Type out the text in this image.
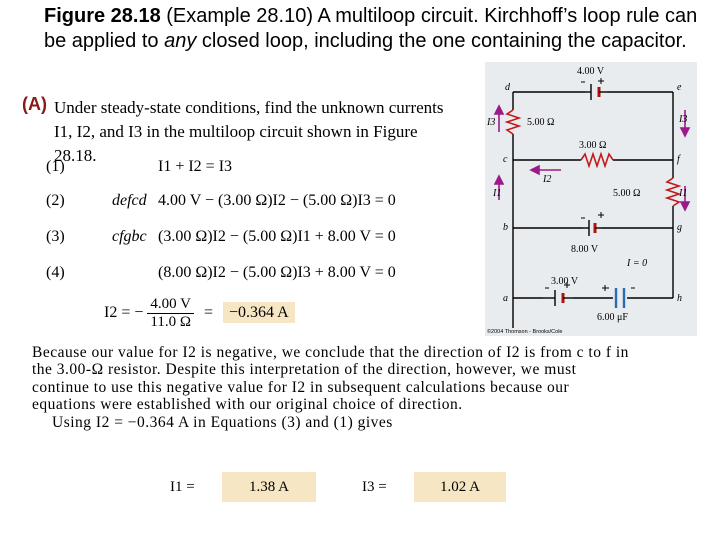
Figure 28.18 (Example 28.10) A multiloop circuit. Kirchhoff’s loop rule can be applied to any closed loop, including the one containing the capacitor.
(A) Under steady-state conditions, find the unknown currents I1, I2, and I3 in the multiloop circuit shown in Figure 28.18.
(1)	I1 + I2 = I3
(2)	defcd 4.00 V − (3.00 Ω)I2 − (5.00 Ω)I3 = 0
(3)	cfgbc (3.00 Ω)I2 − (5.00 Ω)I1 + 8.00 V = 0
(4)	(8.00 Ω)I2 − (5.00 Ω)I3 + 8.00 V = 0
I2 = − $\frac{4.00 V}{11.0 \Omega} = -0.364$ A
Because our value for I2 is negative, we conclude that the direction of I2 is from c to f in the 3.00-Ω resistor. Despite this interpretation of the direction, however, we must continue to use this negative value for I2 in subsequent calculations because our equations were established with our original choice of direction.
Using I2 = −0.364 A in Equations (3) and (1) gives
I1 =	1.38 A	I3 =	1.02 A
d	e
c	f
b	g
a	h
4.00 V
5.00 Ω
3.00 Ω
5.00 Ω
8.00 V
3.00 V
6.00 μF
I = 0
I3	I3
I2
I1	I1
©2004 Thomson - Brooks/Cole
